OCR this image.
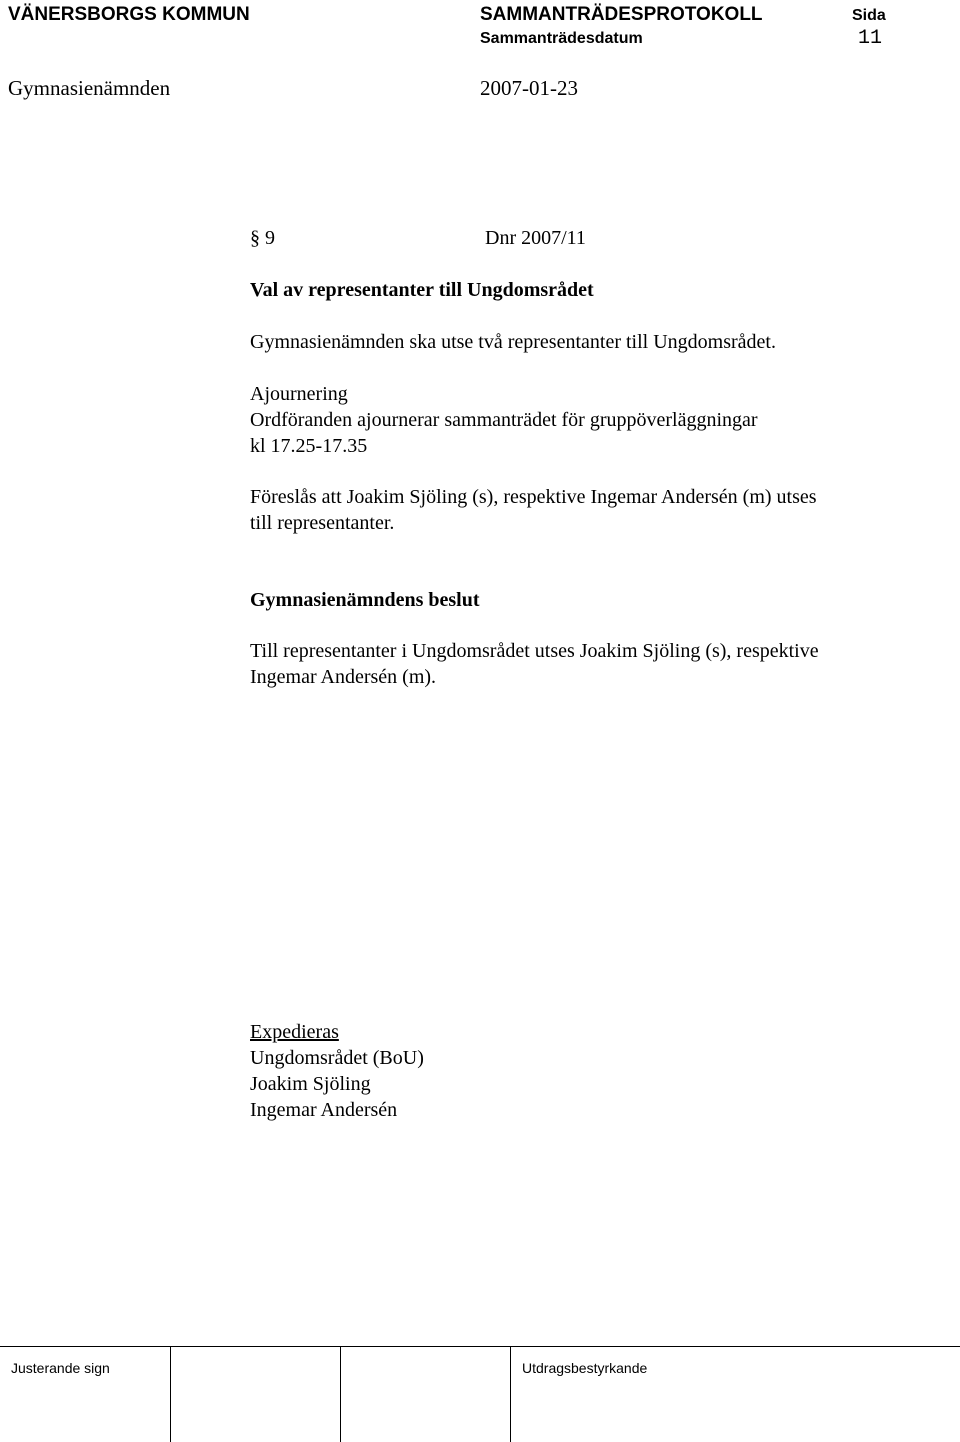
VÄNERSBORGS KOMMUN	SAMMANTRÄDESPROTOKOLL	Sida
Sammanträdesdatum	11
Gymnasienämnden	2007-01-23
§ 9	Dnr 2007/11
Val av representanter till Ungdomsrådet
Gymnasienämnden ska utse två representanter till Ungdomsrådet.

Ajournering

Ordföranden ajournerar sammanträdet för gruppöverläggningar

kl 17.25-17.35

Föreslås att Joakim Sjöling (s), respektive Ingemar Andersén (m) utses

till representanter.

Gymnasienämndens beslut

Till representanter i Ungdomsrådet utses Joakim Sjöling (s), respektive

Ingemar Andersén (m).

Expedieras

Ungdomsrådet (BoU)

Joakim Sjöling

Ingemar Andersén

Justerande sign	Utdragsbestyrkande
